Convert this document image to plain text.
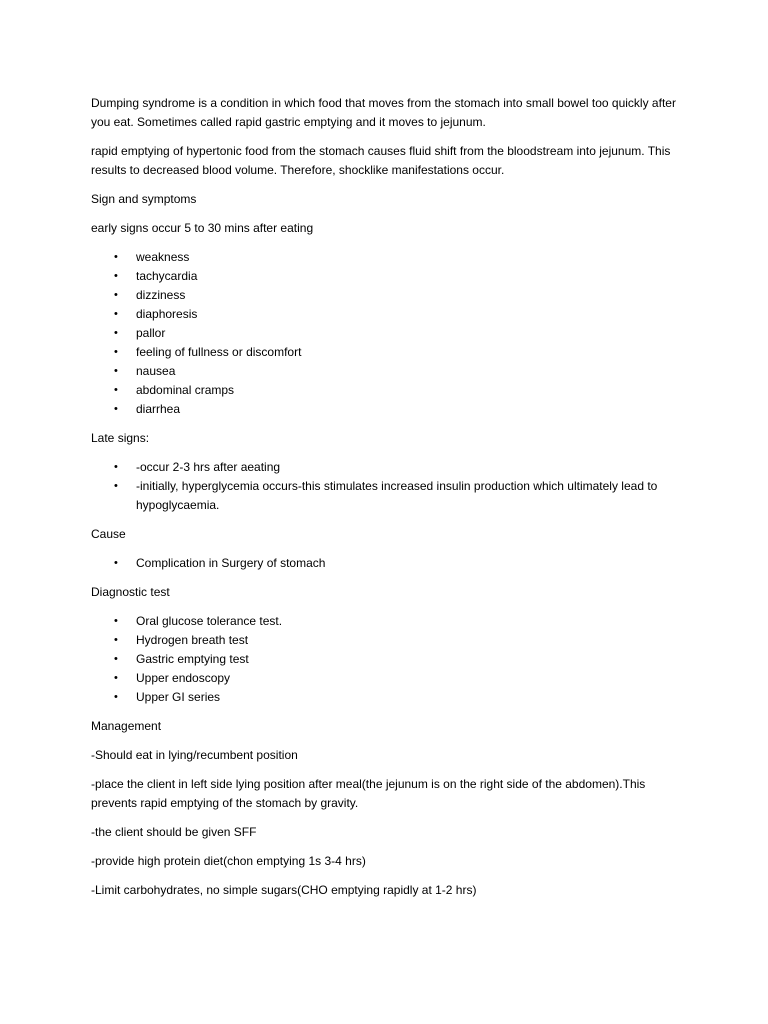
Dumping syndrome is a condition in which food that moves from the stomach into small bowel too quickly after you eat. Sometimes called rapid gastric emptying and it moves to jejunum.

rapid emptying of hypertonic food from the stomach causes fluid shift from the bloodstream into jejunum. This results to decreased blood volume. Therefore, shocklike manifestations occur.

Sign and symptoms

early signs occur 5 to 30 mins after eating

• weakness
• tachycardia
• dizziness
• diaphoresis
• pallor
• feeling of fullness or discomfort
• nausea
• abdominal cramps
• diarrhea

Late signs:

• -occur 2-3 hrs after aeating
• -initially, hyperglycemia occurs-this stimulates increased insulin production which ultimately lead to hypoglycaemia.

Cause

• Complication in Surgery of stomach

Diagnostic test

• Oral glucose tolerance test.
• Hydrogen breath test
• Gastric emptying test
• Upper endoscopy
• Upper GI series

Management

-Should eat in lying/recumbent position

-place the client in left side lying position after meal(the jejunum is on the right side of the abdomen).This prevents rapid emptying of the stomach by gravity.

-the client should be given SFF

-provide high protein diet(chon emptying 1s 3-4 hrs)

-Limit carbohydrates, no simple sugars(CHO emptying rapidly at 1-2 hrs)
